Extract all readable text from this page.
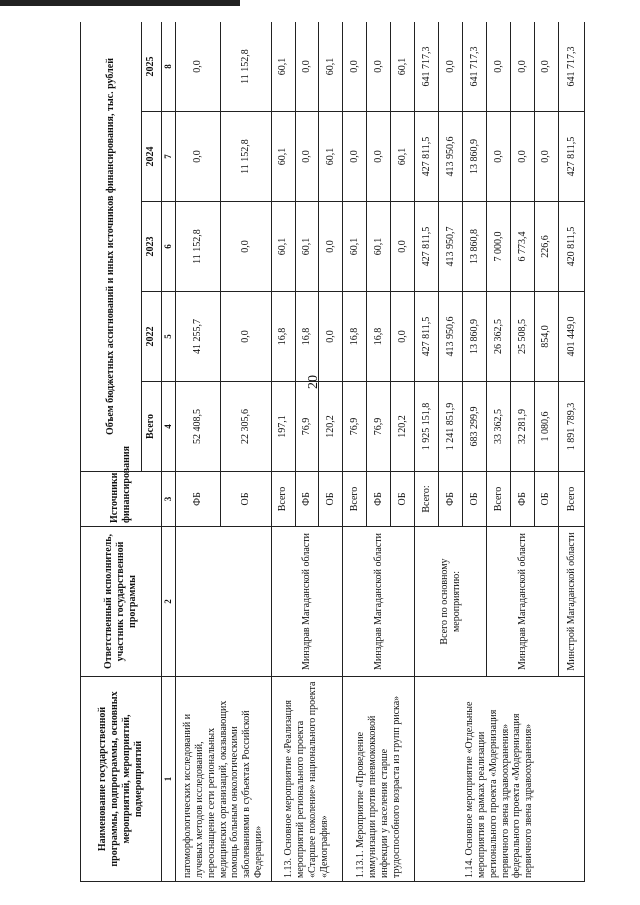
20
Наименование государственной программы, подпрограммы, основных мероприятий, мероприятий, подмероприятий	Ответственный исполнитель, участник государственной программы	Источники финансирования	Объем бюджетных ассигнований и иных источников финансирования, тыс. рублей				
			Всего	2022	2023	2024	2025
1	2	3	4	5	6	7	8
патоморфологических исследований и лучевых методов исследований, переоснащение сети региональных медицинских организаций, оказывающих помощь больным онкологическими заболеваниями в субъектах Российской Федерации»		ФБ	52 408,5	41 255,7	11 152,8	0,0	0,0
		ОБ	22 305,6	0,0	0,0	11 152,8	11 152,8
1.13. Основное мероприятие «Реализация мероприятий регионального проекта «Старшее поколение» национального проекта «Демография»	Минздрав Магаданской области	Всего	197,1	16,8	60,1	60,1	60,1
		ФБ	76,9	16,8	60,1	0,0	0,0
		ОБ	120,2	0,0	0,0	60,1	60,1
1.13.1. Мероприятие «Проведение иммунизации против пневмококковой инфекции у населения старше трудоспособного возраста из групп риска»	Минздрав Магаданской области	Всего	76,9	16,8	60,1	0,0	0,0
		ФБ	76,9	16,8	60,1	0,0	0,0
		ОБ	120,2	0,0	0,0	60,1	60,1
1.14. Основное мероприятие «Отдельные мероприятия в рамках реализации регионального проекта «Модернизация первичного звена здравоохранения» федерального проекта «Модернизация первичного звена здравоохранения»	Всего по основному мероприятию:	Всего:	1 925 151,8	427 811,5	427 811,5	427 811,5	641 717,3
		ФБ	1 241 851,9	413 950,6	413 950,7	413 950,6	0,0
		ОБ	683 299,9	13 860,9	13 860,8	13 860,9	641 717,3
	Минздрав Магаданской области	Всего	33 362,5	26 362,5	7 000,0	0,0	0,0
		ФБ	32 281,9	25 508,5	6 773,4	0,0	0,0
		ОБ	1 080,6	854,0	226,6	0,0	0,0
	Минстрой Магаданской области	Всего	1 891 789,3	401 449,0	420 811,5	427 811,5	641 717,3
